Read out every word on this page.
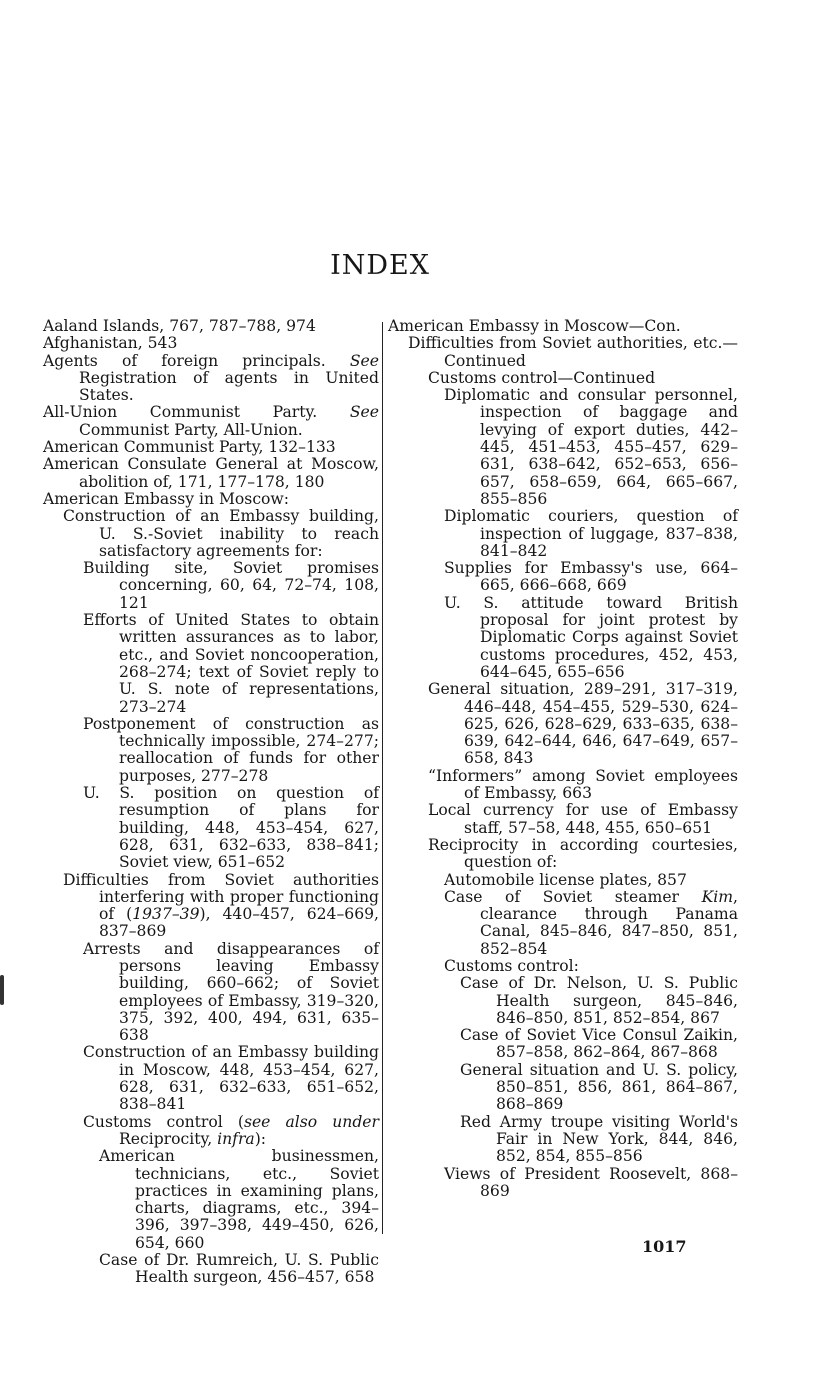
INDEX
Aaland Islands, 767, 787–788, 974
Afghanistan, 543
Agents of foreign principals. See Registration of agents in United States.
All-Union Communist Party. See Communist Party, All-Union.
American Communist Party, 132–133
American Consulate General at Moscow, abolition of, 171, 177–178, 180
American Embassy in Moscow:
Construction of an Embassy building, U. S.-Soviet inability to reach satisfactory agreements for:
Building site, Soviet promises concerning, 60, 64, 72–74, 108, 121
Efforts of United States to obtain written assurances as to labor, etc., and Soviet noncooperation, 268–274; text of Soviet reply to U. S. note of representations, 273–274
Postponement of construction as technically impossible, 274–277; reallocation of funds for other purposes, 277–278
U. S. position on question of resumption of plans for building, 448, 453–454, 627, 628, 631, 632–633, 838–841; Soviet view, 651–652
Difficulties from Soviet authorities interfering with proper functioning of (1937–39), 440–457, 624–669, 837–869
Arrests and disappearances of persons leaving Embassy building, 660–662; of Soviet employees of Embassy, 319–320, 375, 392, 400, 494, 631, 635–638
Construction of an Embassy building in Moscow, 448, 453–454, 627, 628, 631, 632–633, 651–652, 838–841
Customs control (see also under Reciprocity, infra):
American businessmen, technicians, etc., Soviet practices in examining plans, charts, diagrams, etc., 394–396, 397–398, 449–450, 626, 654, 660
Case of Dr. Rumreich, U. S. Public Health surgeon, 456–457, 658
American Embassy in Moscow—Con.
Difficulties from Soviet authorities, etc.—Continued
Customs control—Continued
Diplomatic and consular personnel, inspection of baggage and levying of export duties, 442–445, 451–453, 455–457, 629–631, 638–642, 652–653, 656–657, 658–659, 664, 665–667, 855–856
Diplomatic couriers, question of inspection of luggage, 837–838, 841–842
Supplies for Embassy's use, 664–665, 666–668, 669
U. S. attitude toward British proposal for joint protest by Diplomatic Corps against Soviet customs procedures, 452, 453, 644–645, 655–656
General situation, 289–291, 317–319, 446–448, 454–455, 529–530, 624–625, 626, 628–629, 633–635, 638–639, 642–644, 646, 647–649, 657–658, 843
“Informers” among Soviet employees of Embassy, 663
Local currency for use of Embassy staff, 57–58, 448, 455, 650–651
Reciprocity in according courtesies, question of:
Automobile license plates, 857
Case of Soviet steamer Kim, clearance through Panama Canal, 845–846, 847–850, 851, 852–854
Customs control:
Case of Dr. Nelson, U. S. Public Health surgeon, 845–846, 846–850, 851, 852–854, 867
Case of Soviet Vice Consul Zaikin, 857–858, 862–864, 867–868
General situation and U. S. policy, 850–851, 856, 861, 864–867, 868–869
Red Army troupe visiting World's Fair in New York, 844, 846, 852, 854, 855–856
Views of President Roosevelt, 868–869
1017
